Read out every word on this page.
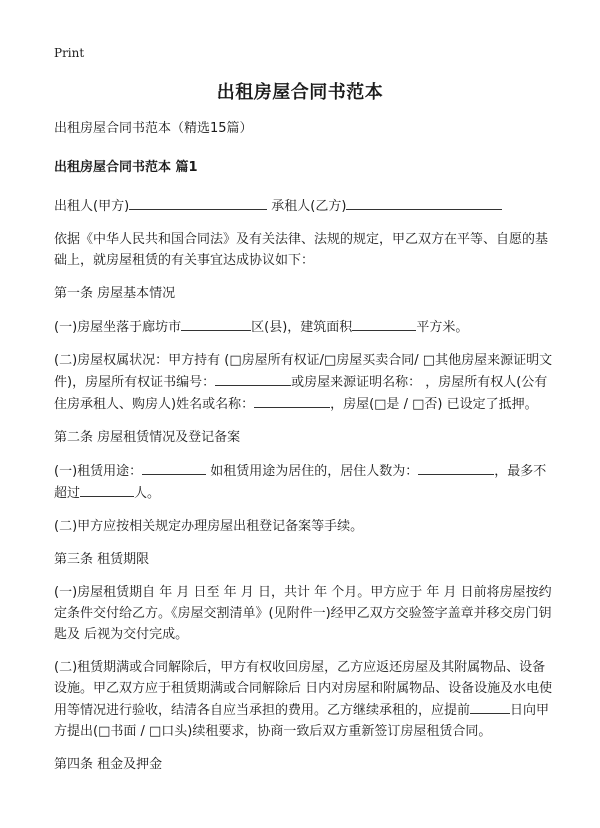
Print
出租房屋合同书范本

出租房屋合同书范本（精选15篇）

出租房屋合同书范本 篇1

出租人(甲方)	承租人(乙方)

依据《中华人民共和国合同法》及有关法律、法规的规定，甲乙双方在平等、自愿的基础上，就房屋租赁的有关事宜达成协议如下：

第一条 房屋基本情况

(一)房屋坐落于廊坊市	区(县)，建筑面积	平方米。

(二)房屋权属状况：甲方持有 (□房屋所有权证/□房屋买卖合同/ □其他房屋来源证明文件)，房屋所有权证书编号：	或房屋来源证明名称： ，房屋所有权人(公有住房承租人、购房人)姓名或名称：	，房屋(□是 / □否) 已设定了抵押。

第二条 房屋租赁情况及登记备案

(一)租赁用途：	如租赁用途为居住的，居住人数为：	，最多不超过	人。

(二)甲方应按相关规定办理房屋出租登记备案等手续。

第三条 租赁期限

(一)房屋租赁期自 年 月 日至 年 月 日，共计 年 个月。甲方应于 年 月 日前将房屋按约定条件交付给乙方。《房屋交割清单》(见附件一)经甲乙双方交验签字盖章并移交房门钥匙及 后视为交付完成。

(二)租赁期满或合同解除后，甲方有权收回房屋，乙方应返还房屋及其附属物品、设备设施。甲乙双方应于租赁期满或合同解除后 日内对房屋和附属物品、设备设施及水电使用等情况进行验收，结清各自应当承担的费用。乙方继续承租的，应提前	日向甲方提出(□书面 / □口头)续租要求，协商一致后双方重新签订房屋租赁合同。

第四条 租金及押金
